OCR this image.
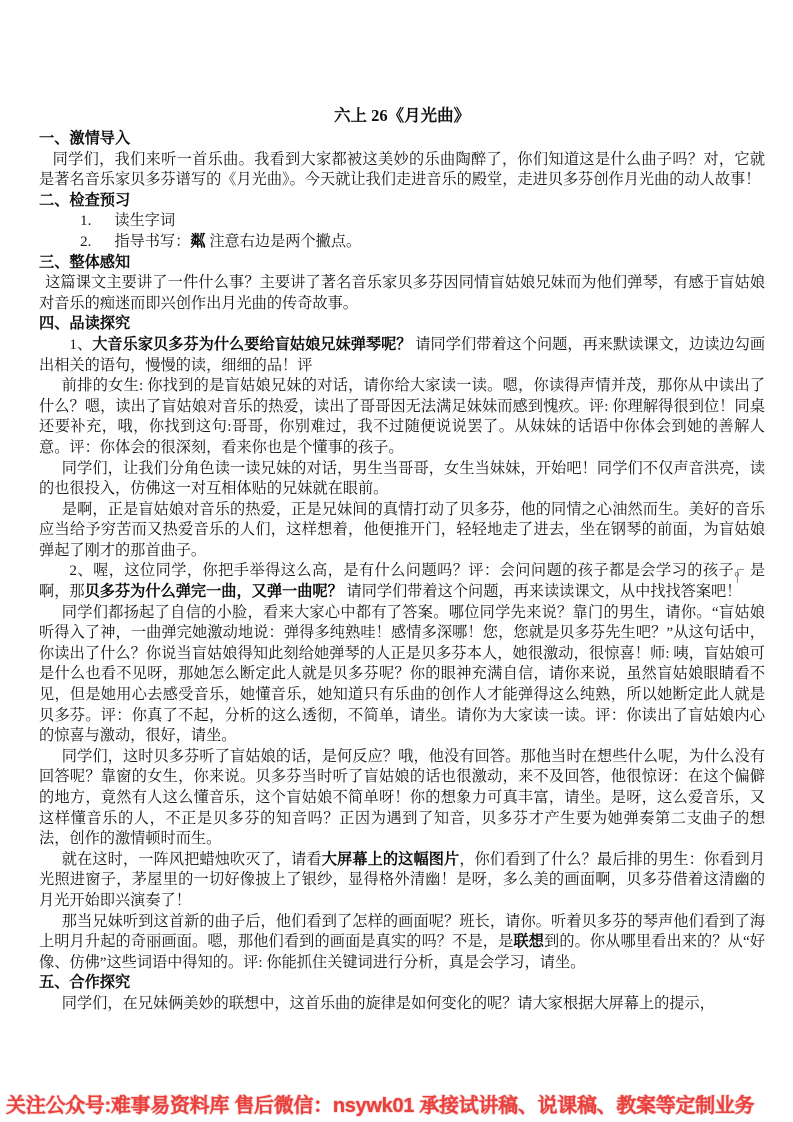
六上 26《月光曲》
一、激情导入
同学们，我们来听一首乐曲。我看到大家都被这美妙的乐曲陶醉了，你们知道这是什么曲子吗？对，它就是著名音乐家贝多芬谱写的《月光曲》。今天就让我们走进音乐的殿堂，走进贝多芬创作月光曲的动人故事！
二、检查预习
1. 读生字词
2. 指导书写：粼 注意右边是两个撇点。
三、整体感知
这篇课文主要讲了一件什么事？主要讲了著名音乐家贝多芬因同情盲姑娘兄妹而为他们弹琴，有感于盲姑娘对音乐的痴迷而即兴创作出月光曲的传奇故事。
四、品读探究
1、大音乐家贝多芬为什么要给盲姑娘兄妹弹琴呢？ 请同学们带着这个问题，再来默读课文，边读边勾画出相关的语句，慢慢的读，细细的品！评
前排的女生: 你找到的是盲姑娘兄妹的对话，请你给大家读一读。嗯，你读得声情并茂，那你从中读出了什么？嗯，读出了盲姑娘对音乐的热爱，读出了哥哥因无法满足妹妹而感到愧疚。评: 你理解得很到位！同桌还要补充，哦，你找到这句:哥哥，你别难过，我不过随便说说罢了。从妹妹的话语中你体会到她的善解人意。评：你体会的很深刻，看来你也是个懂事的孩子。
同学们，让我们分角色读一读兄妹的对话，男生当哥哥，女生当妹妹，开始吧！同学们不仅声音洪亮，读的也很投入，仿佛这一对互相体贴的兄妹就在眼前。
是啊，正是盲姑娘对音乐的热爱，正是兄妹间的真情打动了贝多芬，他的同情之心油然而生。美好的音乐应当给予穷苦而又热爱音乐的人们，这样想着，他便推开门，轻轻地走了进去，坐在钢琴的前面，为盲姑娘弹起了刚才的那首曲子。
2、喔，这位同学，你把手举得这么高，是有什么问题吗？评：会问问题的孩子都是会学习的孩子。是啊，那贝多芬为什么弹完一曲，又弹一曲呢？ 请同学们带着这个问题，再来读读课文，从中找找答案吧！
同学们都扬起了自信的小脸，看来大家心中都有了答案。哪位同学先来说？靠门的男生，请你。“盲姑娘听得入了神，一曲弹完她激动地说：弹得多纯熟哇！感情多深哪！您，您就是贝多芬先生吧？”从这句话中，你读出了什么？你说当盲姑娘得知此刻给她弹琴的人正是贝多芬本人，她很激动，很惊喜！师: 咦，盲姑娘可是什么也看不见呀，那她怎么断定此人就是贝多芬呢？你的眼神充满自信，请你来说，虽然盲姑娘眼睛看不见，但是她用心去感受音乐，她懂音乐，她知道只有乐曲的创作人才能弹得这么纯熟，所以她断定此人就是贝多芬。评：你真了不起，分析的这么透彻，不简单，请坐。请你为大家读一读。评：你读出了盲姑娘内心的惊喜与激动，很好，请坐。
同学们，这时贝多芬听了盲姑娘的话，是何反应？哦，他没有回答。那他当时在想些什么呢，为什么没有回答呢？靠窗的女生，你来说。贝多芬当时听了盲姑娘的话也很激动，来不及回答，他很惊讶：在这个偏僻的地方，竟然有人这么懂音乐，这个盲姑娘不简单呀！你的想象力可真丰富，请坐。是呀，这么爱音乐，又这样懂音乐的人，不正是贝多芬的知音吗？正因为遇到了知音，贝多芬才产生要为她弹奏第二支曲子的想法，创作的激情顿时而生。
就在这时，一阵风把蜡烛吹灭了，请看大屏幕上的这幅图片，你们看到了什么？最后排的男生：你看到月光照进窗子，茅屋里的一切好像披上了银纱，显得格外清幽！是呀，多么美的画面啊，贝多芬借着这清幽的月光开始即兴演奏了！
那当兄妹听到这首新的曲子后，他们看到了怎样的画面呢？班长，请你。听着贝多芬的琴声他们看到了海上明月升起的奇丽画面。嗯，那他们看到的画面是真实的吗？不是，是联想到的。你从哪里看出来的？从“好像、仿佛”这些词语中得知的。评: 你能抓住关键词进行分析，真是会学习，请坐。
五、合作探究
同学们，在兄妹俩美妙的联想中，这首乐曲的旋律是如何变化的呢？请大家根据大屏幕上的提示，
关注公众号:难事易资料库 售后微信：nsywk01 承接试讲稿、说课稿、教案等定制业务
